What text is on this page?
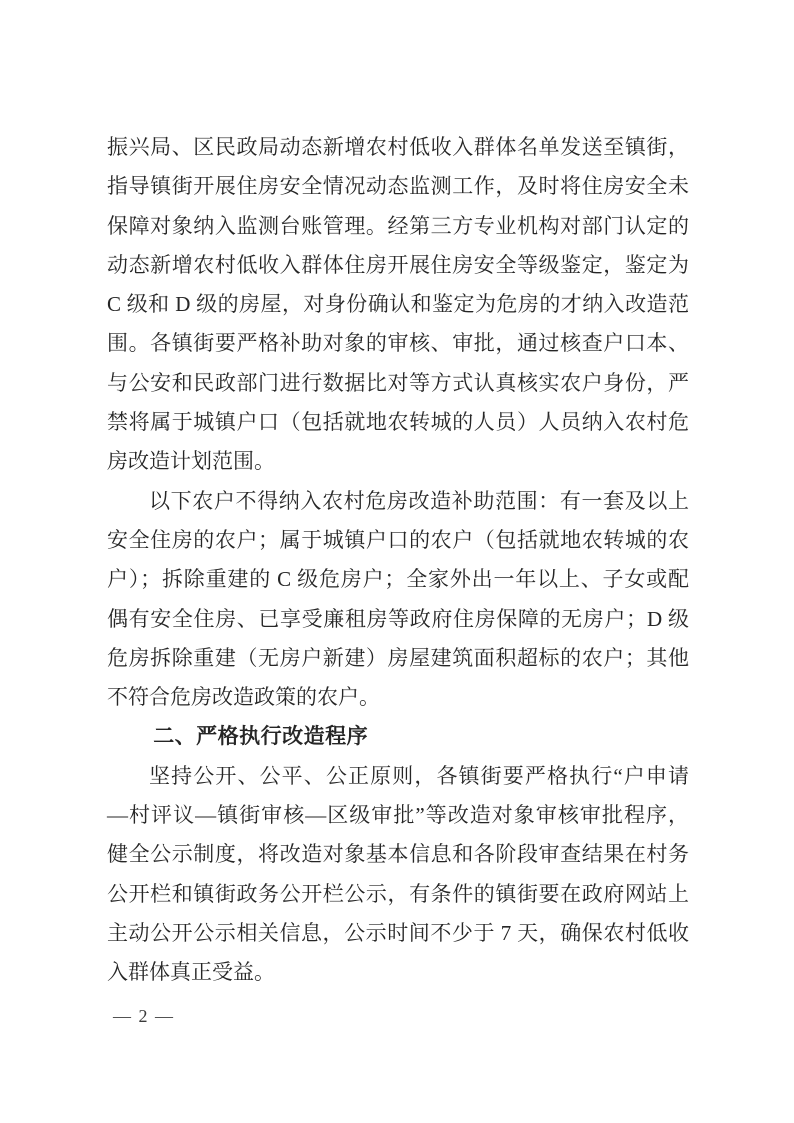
振兴局、区民政局动态新增农村低收入群体名单发送至镇街，
指导镇街开展住房安全情况动态监测工作，及时将住房安全未
保障对象纳入监测台账管理。经第三方专业机构对部门认定的
动态新增农村低收入群体住房开展住房安全等级鉴定，鉴定为
C 级和 D 级的房屋，对身份确认和鉴定为危房的才纳入改造范
围。各镇街要严格补助对象的审核、审批，通过核查户口本、
与公安和民政部门进行数据比对等方式认真核实农户身份，严
禁将属于城镇户口（包括就地农转城的人员）人员纳入农村危
房改造计划范围。
以下农户不得纳入农村危房改造补助范围：有一套及以上
安全住房的农户；属于城镇户口的农户（包括就地农转城的农
户）；拆除重建的 C 级危房户；全家外出一年以上、子女或配
偶有安全住房、已享受廉租房等政府住房保障的无房户；D 级
危房拆除重建（无房户新建）房屋建筑面积超标的农户；其他
不符合危房改造政策的农户。
二、严格执行改造程序
坚持公开、公平、公正原则，各镇街要严格执行“户申请
—村评议—镇街审核—区级审批”等改造对象审核审批程序，
健全公示制度，将改造对象基本信息和各阶段审查结果在村务
公开栏和镇街政务公开栏公示，有条件的镇街要在政府网站上
主动公开公示相关信息，公示时间不少于 7 天，确保农村低收
入群体真正受益。
— 2 —
